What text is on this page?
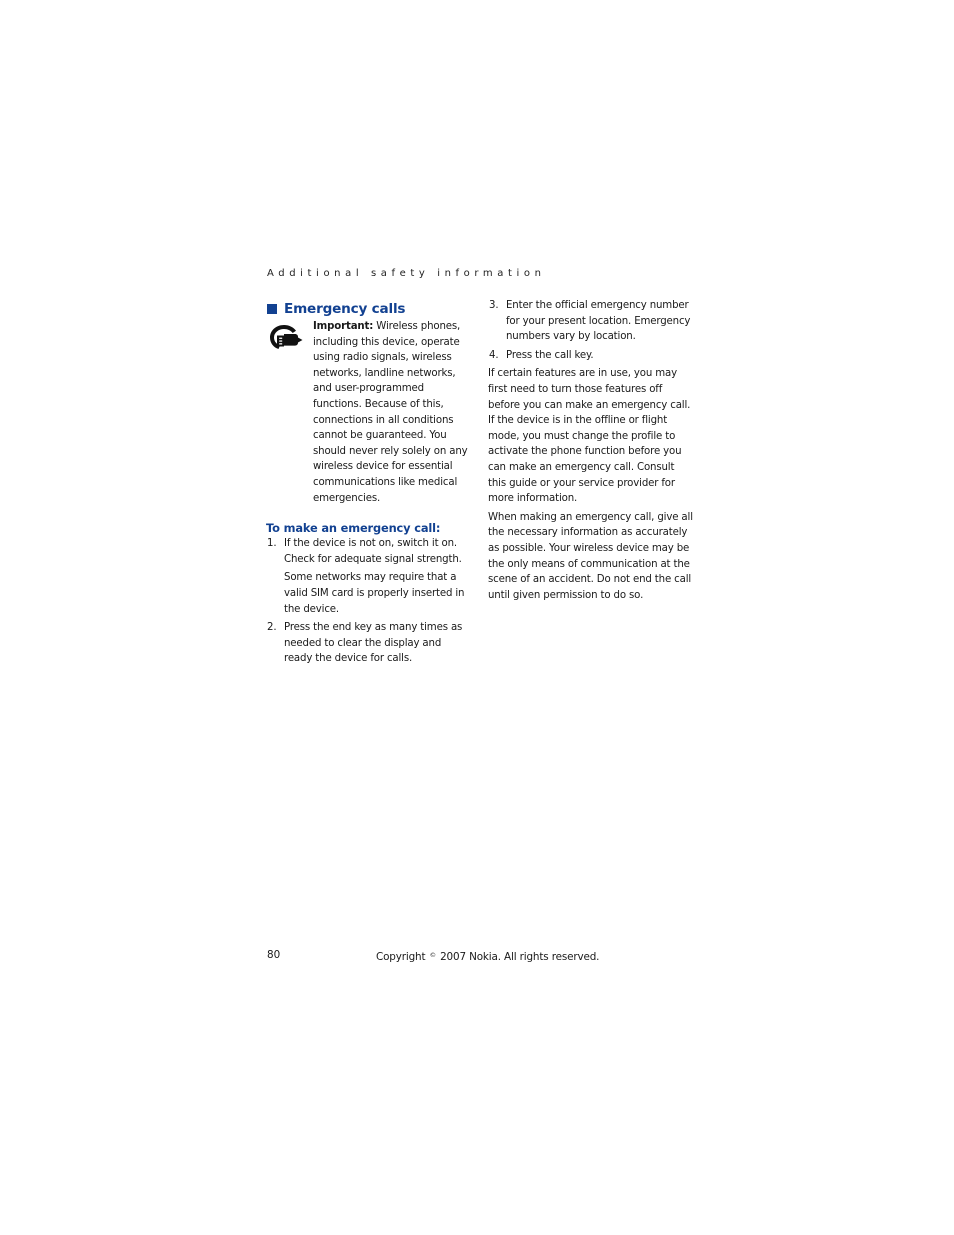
Additional safety information
Emergency calls
Important: Wireless phones, including this device, operate using radio signals, wireless networks, landline networks, and user-programmed functions. Because of this, connections in all conditions cannot be guaranteed. You should never rely solely on any wireless device for essential communications like medical emergencies.
To make an emergency call:
1. If the device is not on, switch it on. Check for adequate signal strength.
Some networks may require that a valid SIM card is properly inserted in the device.
2. Press the end key as many times as needed to clear the display and ready the device for calls.
3. Enter the official emergency number for your present location. Emergency numbers vary by location.
4. Press the call key.

If certain features are in use, you may first need to turn those features off before you can make an emergency call. If the device is in the offline or flight mode, you must change the profile to activate the phone function before you can make an emergency call. Consult this guide or your service provider for more information.

When making an emergency call, give all the necessary information as accurately as possible. Your wireless device may be the only means of communication at the scene of an accident. Do not end the call until given permission to do so.

80	Copyright © 2007 Nokia. All rights reserved.
